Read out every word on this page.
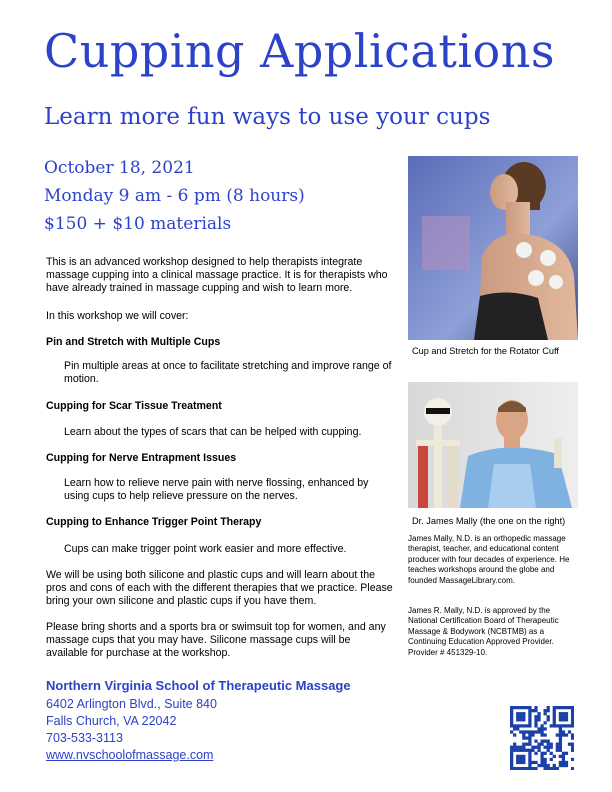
Cupping Applications
Learn more fun ways to use your cups
October 18, 2021
Monday 9 am - 6 pm (8 hours)
$150 + $10 materials
This is an advanced workshop designed to help therapists integrate massage cupping into a clinical massage practice. It is for therapists who have already trained in massage cupping and wish to learn more.
In this workshop we will cover:
Pin and Stretch with Multiple Cups
Pin multiple areas at once to facilitate stretching and improve range of motion.
Cupping for Scar Tissue Treatment
Learn about the types of scars that can be helped with cupping.
Cupping for Nerve Entrapment Issues
Learn how to relieve nerve pain with nerve flossing, enhanced by using cups to help relieve pressure on the nerves.
Cupping to Enhance Trigger Point Therapy
Cups can make trigger point work easier and more effective.
We will be using both silicone and plastic cups and will learn about the pros and cons of each with the different therapies that we practice. Please bring your own silicone and plastic cups if you have them.
Please bring shorts and a sports bra or swimsuit top for women, and any massage cups that you may have. Silicone massage cups will be available for purchase at the workshop.
Northern Virginia School of Therapeutic Massage
6402 Arlington Blvd., Suite 840
Falls Church, VA 22042
703-533-3113
www.nvschoolofmassage.com
Cup and Stretch for the Rotator Cuff
Dr. James Mally (the one on the right)
James Mally, N.D. is an orthopedic massage therapist, teacher, and educational content producer with four decades of experience. He teaches workshops around the globe and founded MassageLibrary.com.
James R. Mally, N.D. is approved by the National Certification Board of Therapeutic Massage & Bodywork (NCBTMB) as a Continuing Education Approved Provider. Provider # 451329-10.
